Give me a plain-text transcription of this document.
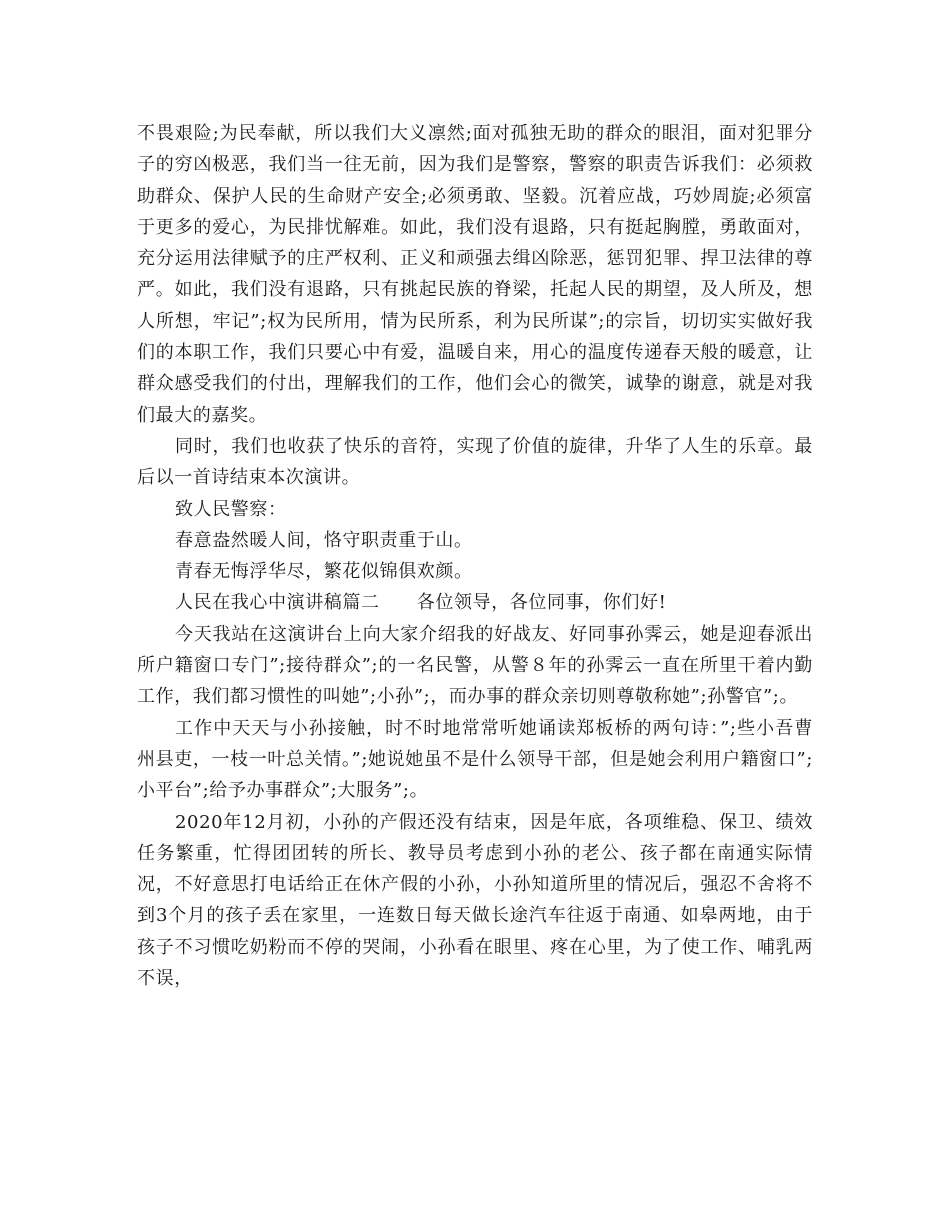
不畏艰险;为民奉献，所以我们大义凛然;面对孤独无助的群众的眼泪，面对犯罪分子的穷凶极恶，我们当一往无前，因为我们是警察，警察的职责告诉我们：必须救助群众、保护人民的生命财产安全;必须勇敢、坚毅。沉着应战，巧妙周旋;必须富于更多的爱心，为民排忧解难。如此，我们没有退路，只有挺起胸膛，勇敢面对，充分运用法律赋予的庄严权利、正义和顽强去缉凶除恶，惩罚犯罪、捍卫法律的尊严。如此，我们没有退路，只有挑起民族的脊梁，托起人民的期望，及人所及，想人所想，牢记”;权为民所用，情为民所系，利为民所谋”;的宗旨，切切实实做好我们的本职工作，我们只要心中有爱，温暖自来，用心的温度传递春天般的暖意，让群众感受我们的付出，理解我们的工作，他们会心的微笑，诚挚的谢意，就是对我们最大的嘉奖。

同时，我们也收获了快乐的音符，实现了价值的旋律，升华了人生的乐章。最后以一首诗结束本次演讲。

致人民警察：

春意盎然暖人间，恪守职责重于山。

青春无悔浮华尽，繁花似锦俱欢颜。

人民在我心中演讲稿篇二　　各位领导，各位同事，你们好!

今天我站在这演讲台上向大家介绍我的好战友、好同事孙霁云，她是迎春派出所户籍窗口专门”;接待群众”;的一名民警，从警８年的孙霁云一直在所里干着内勤工作，我们都习惯性的叫她”;小孙”;，而办事的群众亲切则尊敬称她”;孙警官”;。

工作中天天与小孙接触，时不时地常常听她诵读郑板桥的两句诗：”;些小吾曹州县吏，一枝一叶总关情。”;她说她虽不是什么领导干部，但是她会利用户籍窗口”;小平台”;给予办事群众”;大服务”;。

2020年12月初，小孙的产假还没有结束，因是年底，各项维稳、保卫、绩效任务繁重，忙得团团转的所长、教导员考虑到小孙的老公、孩子都在南通实际情况，不好意思打电话给正在休产假的小孙，小孙知道所里的情况后，强忍不舍将不到3个月的孩子丢在家里，一连数日每天做长途汽车往返于南通、如皋两地，由于孩子不习惯吃奶粉而不停的哭闹，小孙看在眼里、疼在心里，为了使工作、哺乳两不误，
